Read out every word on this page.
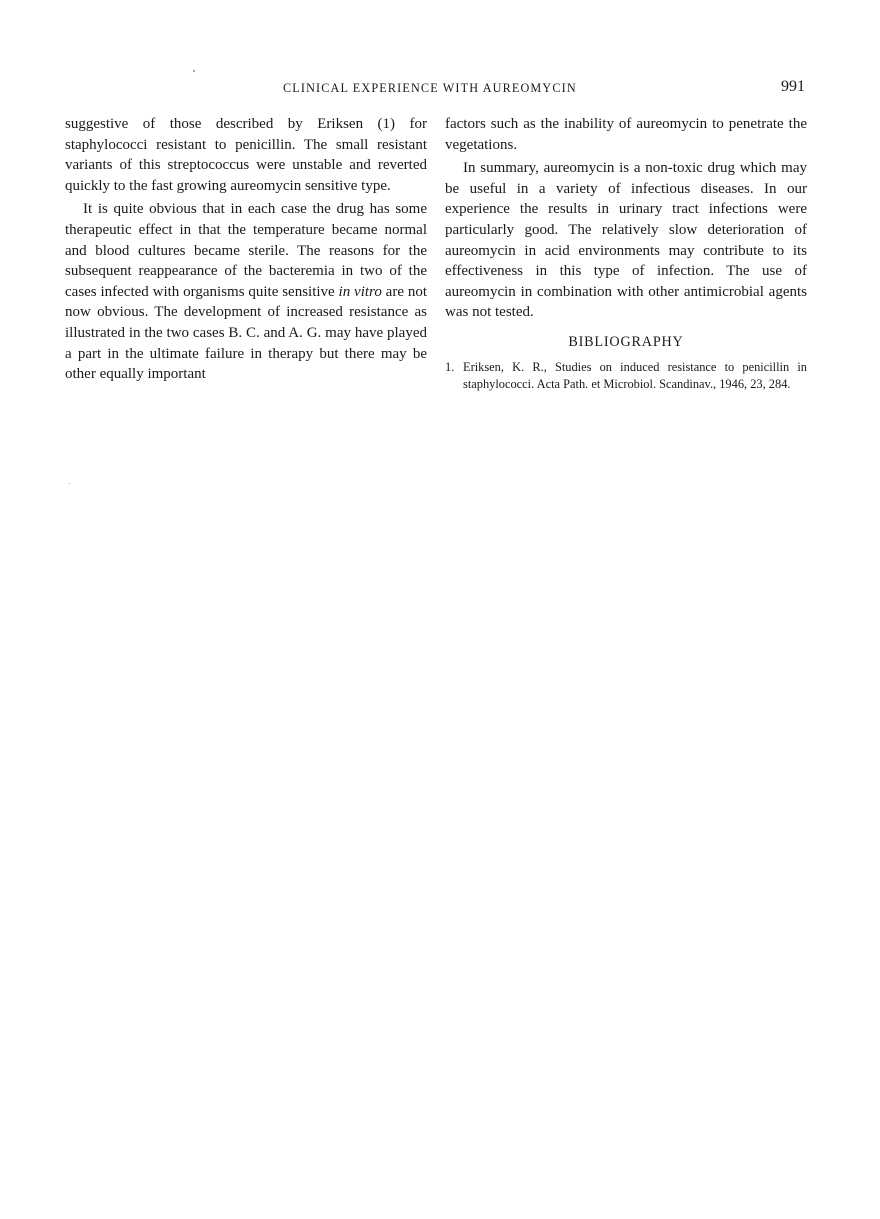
CLINICAL EXPERIENCE WITH AUREOMYCIN	991

suggestive of those described by Eriksen (1) for staphylococci resistant to penicillin. The small resistant variants of this streptococcus were unstable and reverted quickly to the fast growing aureomycin sensitive type.

It is quite obvious that in each case the drug has some therapeutic effect in that the temperature became normal and blood cultures became sterile. The reasons for the subsequent reappearance of the bacteremia in two of the cases infected with organisms quite sensitive in vitro are not now obvious. The development of increased resistance as illustrated in the two cases B. C. and A. G. may have played a part in the ultimate failure in therapy but there may be other equally important

factors such as the inability of aureomycin to penetrate the vegetations.

In summary, aureomycin is a non-toxic drug which may be useful in a variety of infectious diseases. In our experience the results in urinary tract infections were particularly good. The relatively slow deterioration of aureomycin in acid environments may contribute to its effectiveness in this type of infection. The use of aureomycin in combination with other antimicrobial agents was not tested.

BIBLIOGRAPHY
1. Eriksen, K. R., Studies on induced resistance to penicillin in staphylococci. Acta Path. et Microbiol. Scandinav., 1946, 23, 284.
